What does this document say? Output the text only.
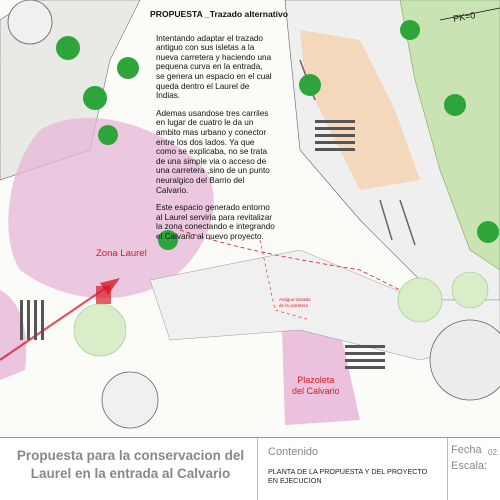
PROPUESTA _Trazado alternativo

Intentando adaptar el trazado
antiguo con sus isletas a la
nueva carretera y haciendo una
pequena curva en la entrada,
se genera un espacio en el cual
queda dentro el Laurel de
Indias.

Ademas usandose tres carriles
en lugar de cuatro le da un
ambito mas urbano y conector
entre los dos lados. Ya que
como se explicaba, no se trata
de una simple via o acceso de
una carretera ,sino de un punto
neuralgico del Barrio del
Calvario.

Este espacio generado entorno
al Laurel serviria para revitalizar
la zona conectando e integrando
el Calvario al nuevo proyecto.

Zona Laurel
Plazoleta
del Calvario
Antiguo trazado
de la carretera
PK=0
Propuesta para la conservacion del
Laurel en la entrada al Calvario
Contenido
PLANTA DE LA PROPUESTA Y DEL PROYECTO
EN EJECUCION
Fecha 02.
Escala:
